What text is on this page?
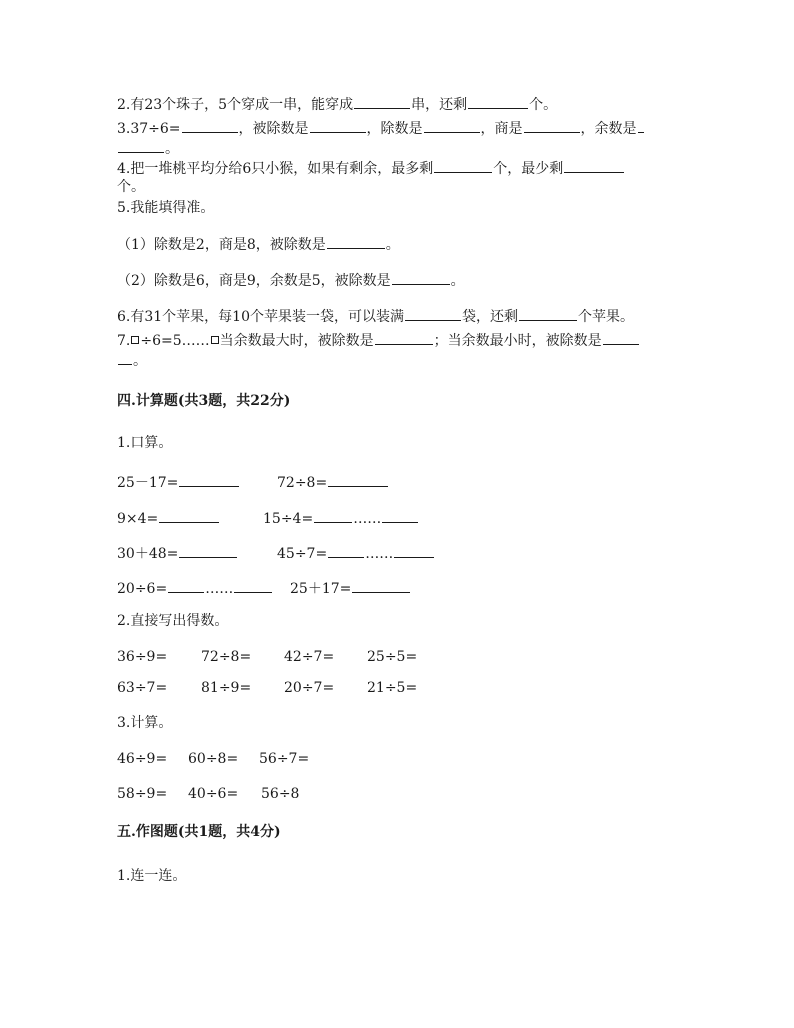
2.有23个珠子，5个穿成一串，能穿成	串，还剩	个。
3.37÷6=	，被除数是	，除数是	，商是	，余数是
。
4.把一堆桃平均分给6只小猴，如果有剩余，最多剩	个，最少剩
个。
5.我能填得准。
（1）除数是2，商是8，被除数是	。
（2）除数是6，商是9，余数是5，被除数是	。
6.有31个苹果，每10个苹果装一袋，可以装满	袋，还剩	个苹果。
7. ÷6=5…… 当余数最大时，被除数是	；当余数最小时，被除数是
。
四.计算题(共3题，共22分)
1.口算。
25－17=	72÷8=
9×4=	15÷4=	……
30＋48=	45÷7=	……
20÷6=	……	25＋17=
2.直接写出得数。
36÷9= 72÷8= 42÷7= 25÷5=
63÷7= 81÷9= 20÷7= 21÷5=
3.计算。
46÷9= 60÷8= 56÷7=
58÷9= 40÷6= 56÷8
五.作图题(共1题，共4分)
1.连一连。
